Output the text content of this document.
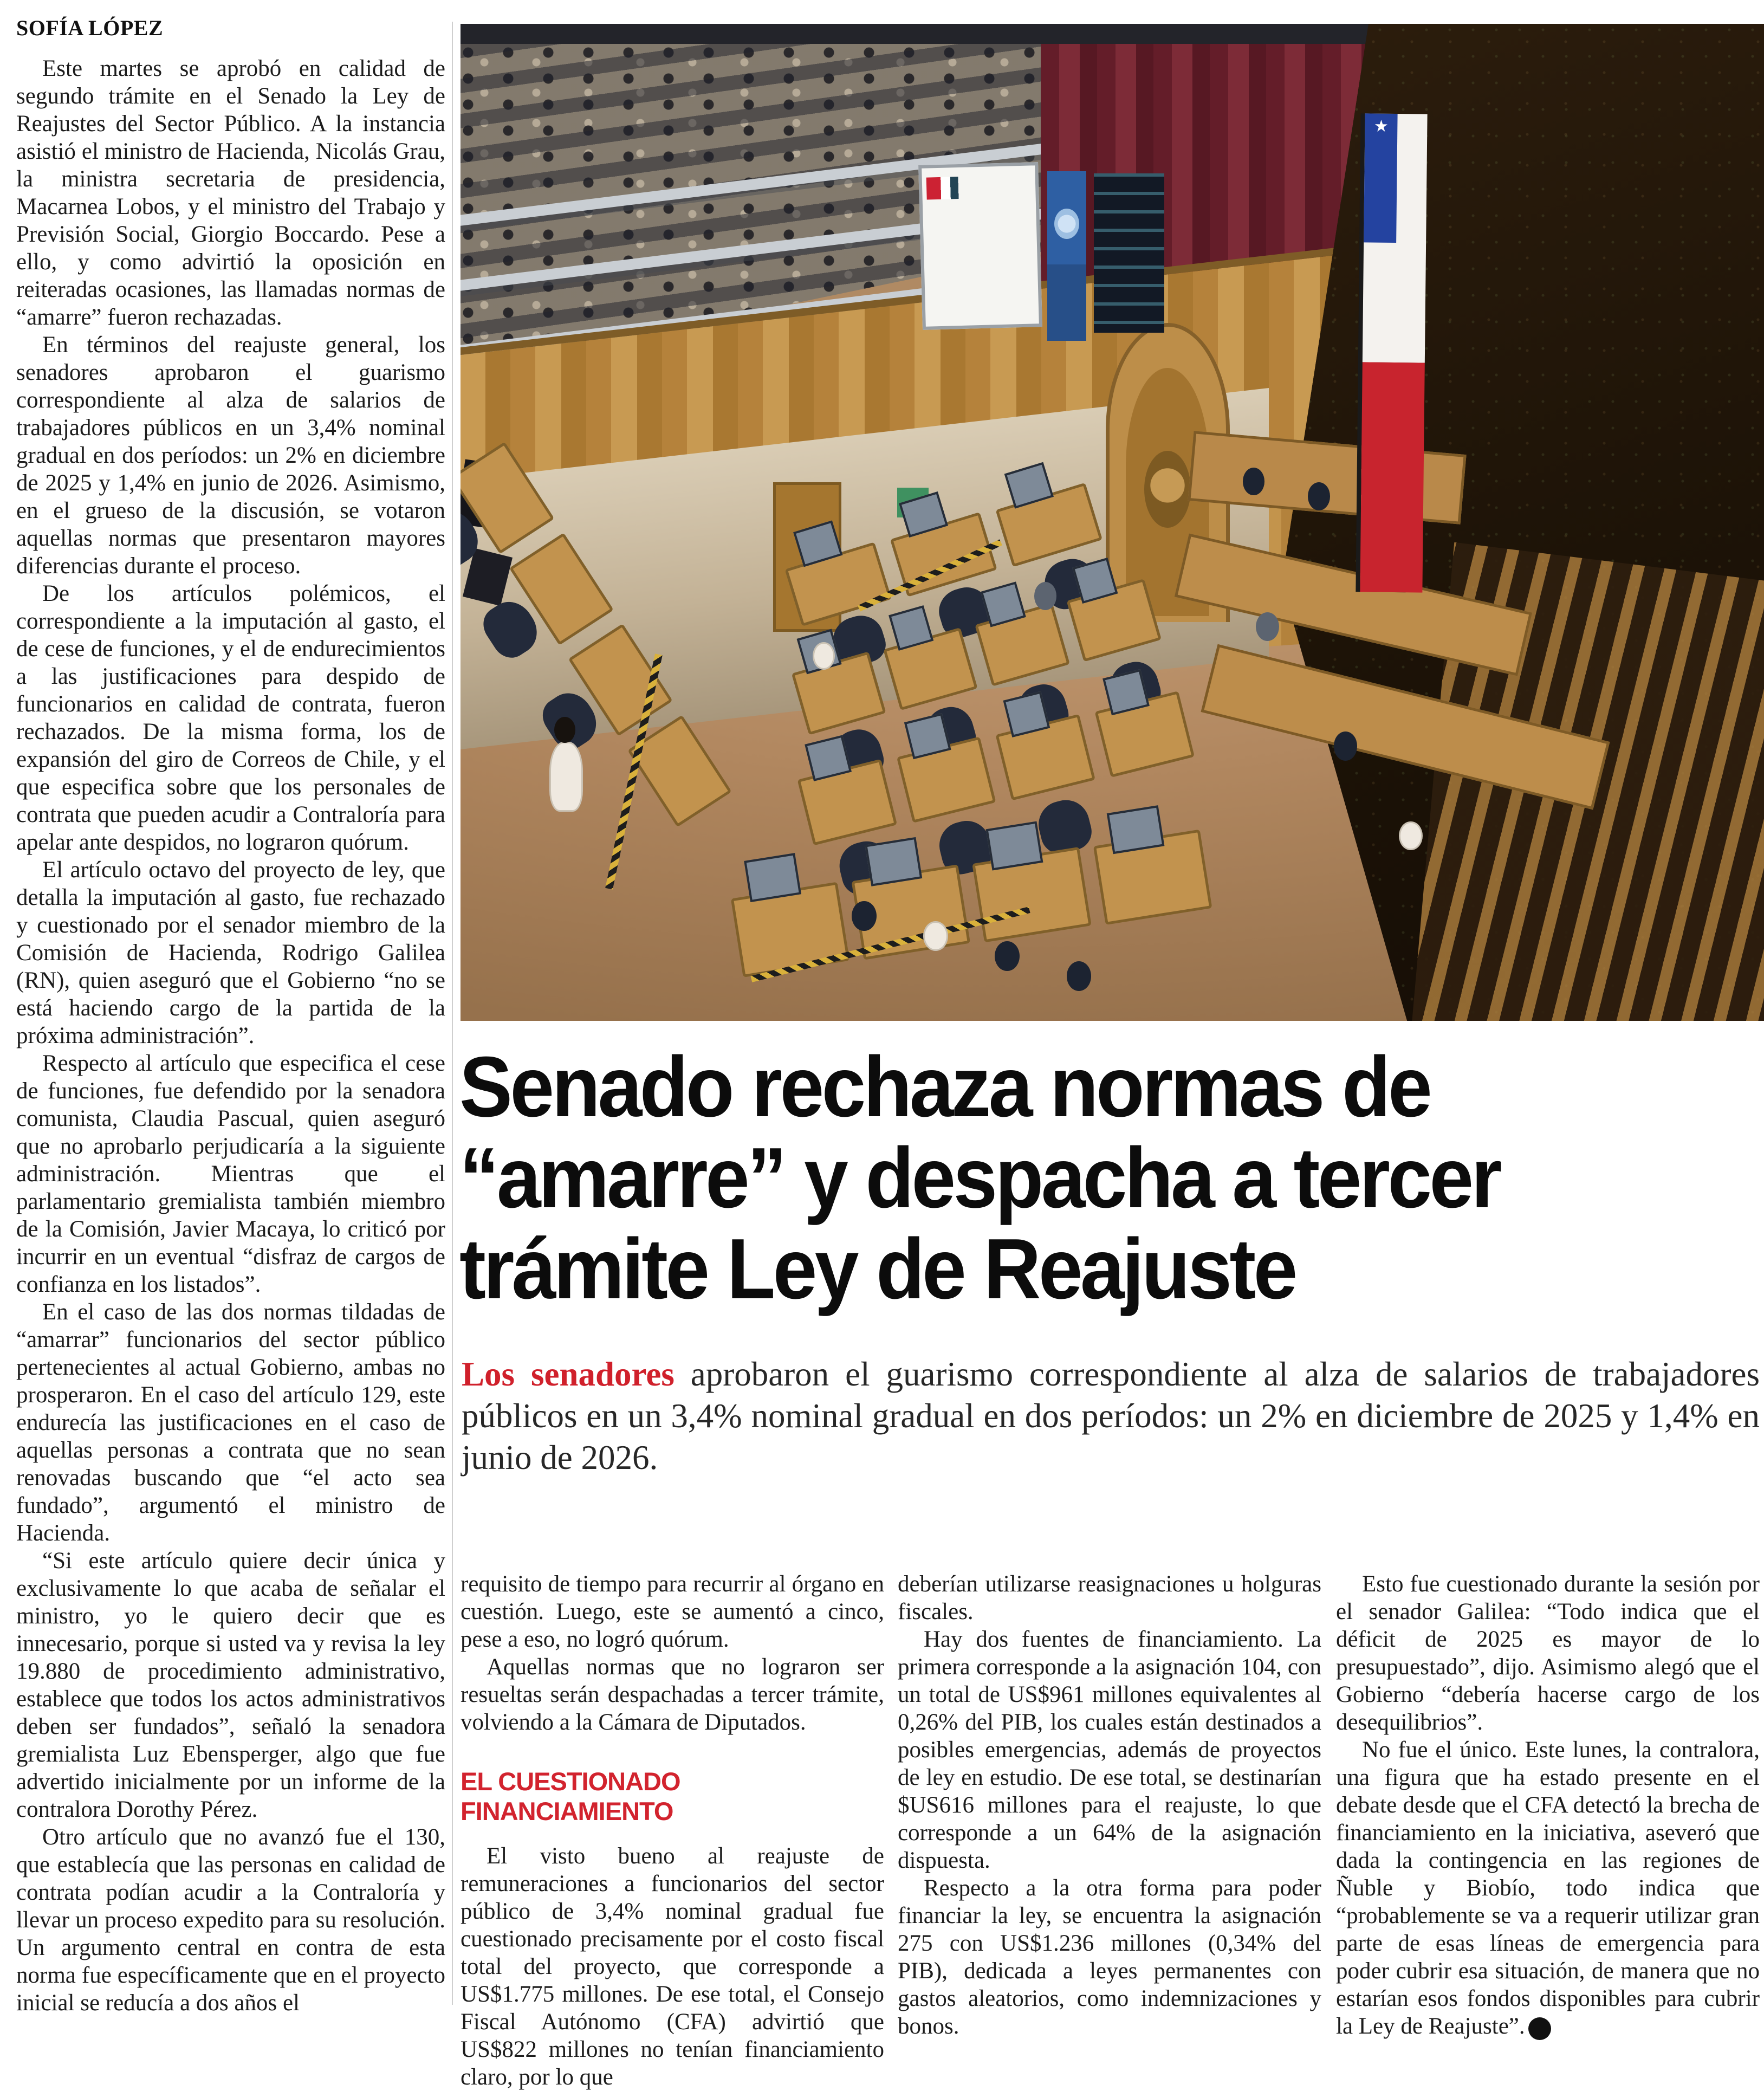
SOFÍA LÓPEZ

Este martes se aprobó en calidad de segundo trámite en el Senado la Ley de Reajustes del Sector Público. A la instancia asistió el ministro de Hacienda, Nicolás Grau, la ministra secretaria de presidencia, Macarnea Lobos, y el ministro del Trabajo y Previsión Social, Giorgio Boccardo. Pese a ello, y como advirtió la oposición en reiteradas ocasiones, las llamadas normas de “amarre” fueron rechazadas.

En términos del reajuste general, los senadores aprobaron el guarismo correspondiente al alza de salarios de trabajadores públicos en un 3,4% nominal gradual en dos períodos: un 2% en diciembre de 2025 y 1,4% en junio de 2026. Asimismo, en el grueso de la discusión, se votaron aquellas normas que presentaron mayores diferencias durante el proceso.

De los artículos polémicos, el correspondiente a la imputación al gasto, el de cese de funciones, y el de endurecimientos a las justificaciones para despido de funcionarios en calidad de contrata, fueron rechazados. De la misma forma, los de expansión del giro de Correos de Chile, y el que especifica sobre que los personales de contrata que pueden acudir a Contraloría para apelar ante despidos, no lograron quórum.

El artículo octavo del proyecto de ley, que detalla la imputación al gasto, fue rechazado y cuestionado por el senador miembro de la Comisión de Hacienda, Rodrigo Galilea (RN), quien aseguró que el Gobierno “no se está haciendo cargo de la partida de la próxima administración”.

Respecto al artículo que especifica el cese de funciones, fue defendido por la senadora comunista, Claudia Pascual, quien aseguró que no aprobarlo perjudicaría a la siguiente administración. Mientras que el parlamentario gremialista también miembro de la Comisión, Javier Macaya, lo criticó por incurrir en un eventual “disfraz de cargos de confianza en los listados”.

En el caso de las dos normas tildadas de “amarrar” funcionarios del sector público pertenecientes al actual Gobierno, ambas no prosperaron. En el caso del artículo 129, este endurecía las justificaciones en el caso de aquellas personas a contrata que no sean renovadas buscando que “el acto sea fundado”, argumentó el ministro de Hacienda.

“Si este artículo quiere decir única y exclusivamente lo que acaba de señalar el ministro, yo le quiero decir que es innecesario, porque si usted va y revisa la ley 19.880 de procedimiento administrativo, establece que todos los actos administrativos deben ser fundados”, señaló la senadora gremialista Luz Ebensperger, algo que fue advertido inicialmente por un informe de la contralora Dorothy Pérez.

Otro artículo que no avanzó fue el 130, que establecía que las personas en calidad de contrata podían acudir a la Contraloría y llevar un proceso expedito para su resolución. Un argumento central en contra de esta norma fue específicamente que en el proyecto inicial se reducía a dos años el

★
Senado rechaza normas de
“amarre” y despacha a tercer
trámite Ley de Reajuste

Los senadores aprobaron el guarismo correspondiente al alza de salarios de trabajadores públicos en un 3,4% nominal gradual en dos períodos: un 2% en diciembre de 2025 y 1,4% en junio de 2026.

requisito de tiempo para recurrir al órgano en cuestión. Luego, este se aumentó a cinco, pese a eso, no logró quórum.

Aquellas normas que no lograron ser resueltas serán despachadas a tercer trámite, volviendo a la Cámara de Diputados.

EL CUESTIONADO FINANCIAMIENTO

El visto bueno al reajuste de remuneraciones a funcionarios del sector público de 3,4% nominal gradual fue cuestionado precisamente por el costo fiscal total del proyecto, que corresponde a US$1.775 millones. De ese total, el Consejo Fiscal Autónomo (CFA) advirtió que US$822 millones no tenían financiamiento claro, por lo que

deberían utilizarse reasignaciones u holguras fiscales.

Hay dos fuentes de financiamiento. La primera corresponde a la asignación 104, con un total de US$961 millones equivalentes al 0,26% del PIB, los cuales están destinados a posibles emergencias, además de proyectos de ley en estudio. De ese total, se destinarían $US616 millones para el reajuste, lo que corresponde a un 64% de la asignación dispuesta.

Respecto a la otra forma para poder financiar la ley, se encuentra la asignación 275 con US$1.236 millones (0,34% del PIB), dedicada a leyes permanentes con gastos aleatorios, como indemnizaciones y bonos.

Esto fue cuestionado durante la sesión por el senador Galilea: “Todo indica que el déficit de 2025 es mayor de lo presupuestado”, dijo. Asimismo alegó que el Gobierno “debería hacerse cargo de los desequilibrios”.

No fue el único. Este lunes, la contralora, una figura que ha estado presente en el debate desde que el CFA detectó la brecha de financiamiento en la iniciativa, aseveró que dada la contingencia en las regiones de Ñuble y Biobío, todo indica que “probablemente se va a requerir utilizar gran parte de esas líneas de emergencia para poder cubrir esa situación, de manera que no estarían esos fondos disponibles para cubrir la Ley de Reajuste”. P
